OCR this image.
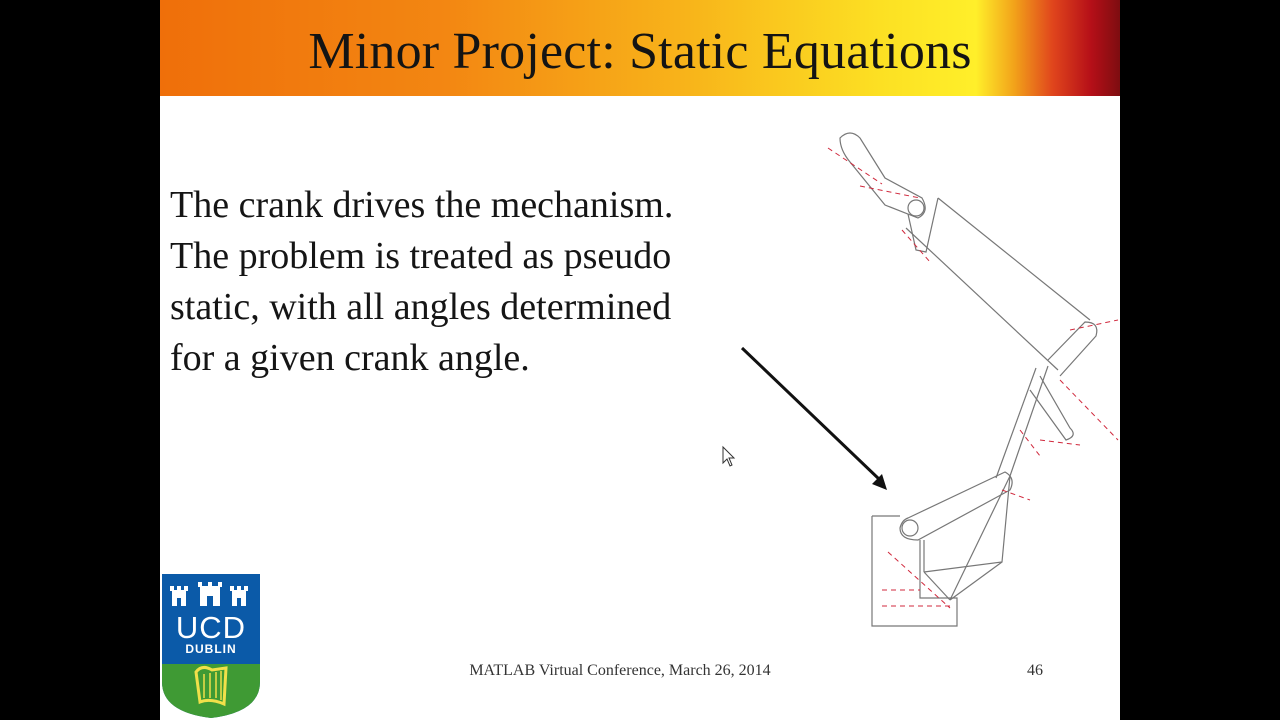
Minor Project: Static Equations
The crank drives the mechanism.
The problem is treated as pseudo
static, with all angles determined
for a given crank angle.
UCD
DUBLIN
MATLAB Virtual Conference, March 26, 2014	46
